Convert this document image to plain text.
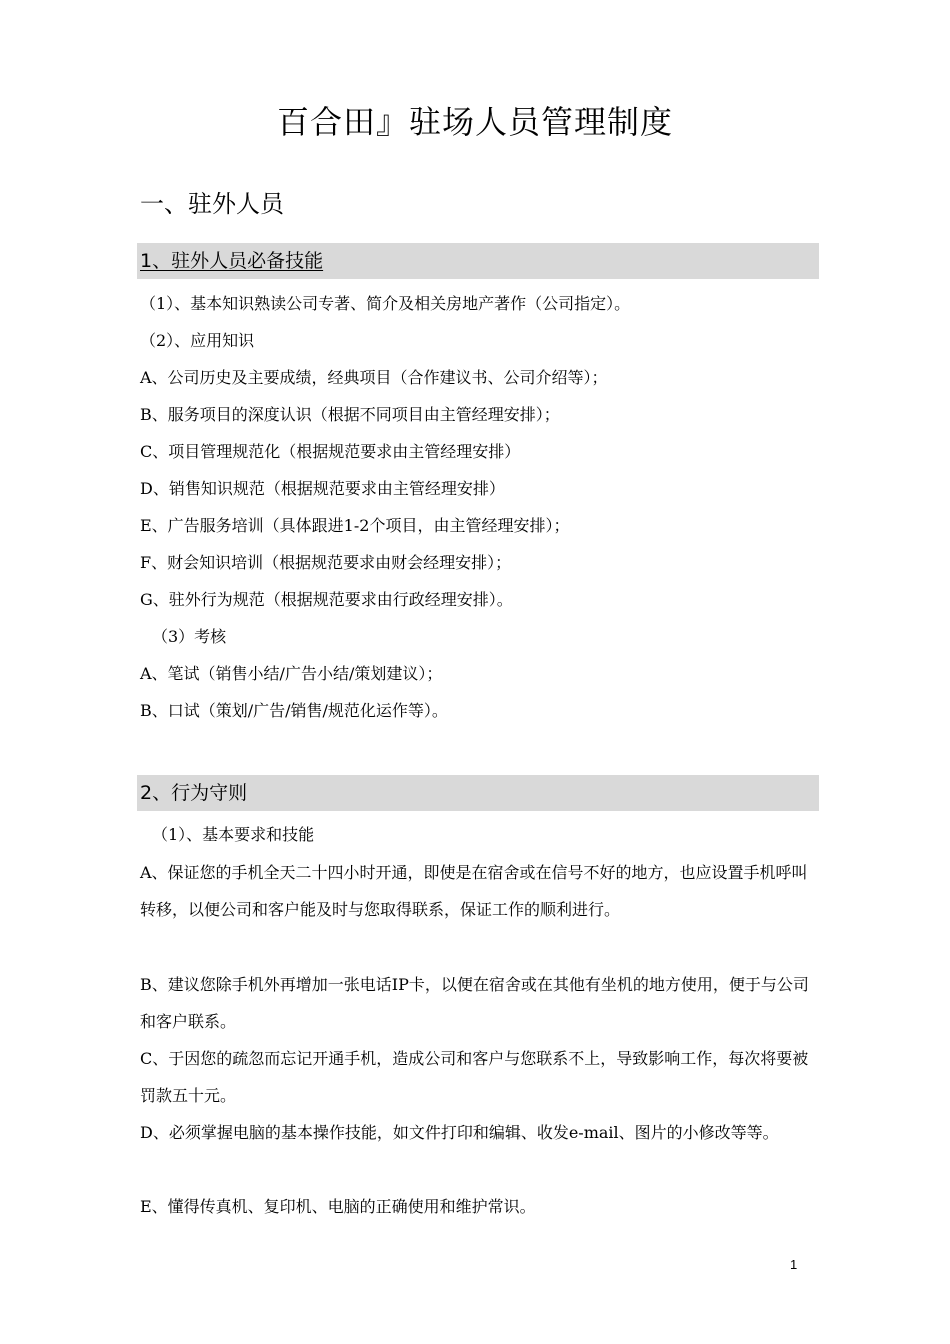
百合田』驻场人员管理制度
一、驻外人员
1、驻外人员必备技能
（1）、基本知识熟读公司专著、简介及相关房地产著作（公司指定）。
（2）、应用知识
A、公司历史及主要成绩，经典项目（合作建议书、公司介绍等）；
B、服务项目的深度认识（根据不同项目由主管经理安排）；
C、项目管理规范化（根据规范要求由主管经理安排）
D、销售知识规范（根据规范要求由主管经理安排）
E、广告服务培训（具体跟进1-2个项目，由主管经理安排）；
F、财会知识培训（根据规范要求由财会经理安排）；
G、驻外行为规范（根据规范要求由行政经理安排）。
（3）考核
A、笔试（销售小结/广告小结/策划建议）；
B、口试（策划/广告/销售/规范化运作等）。
2、行为守则
（1）、基本要求和技能
A、保证您的手机全天二十四小时开通，即使是在宿舍或在信号不好的地方，也应设置手机呼叫转移，以便公司和客户能及时与您取得联系，保证工作的顺利进行。
B、建议您除手机外再增加一张电话IP卡，以便在宿舍或在其他有坐机的地方使用，便于与公司和客户联系。
C、于因您的疏忽而忘记开通手机，造成公司和客户与您联系不上，导致影响工作，每次将要被罚款五十元。
D、必须掌握电脑的基本操作技能，如文件打印和编辑、收发e-mail、图片的小修改等等。
E、懂得传真机、复印机、电脑的正确使用和维护常识。
1
